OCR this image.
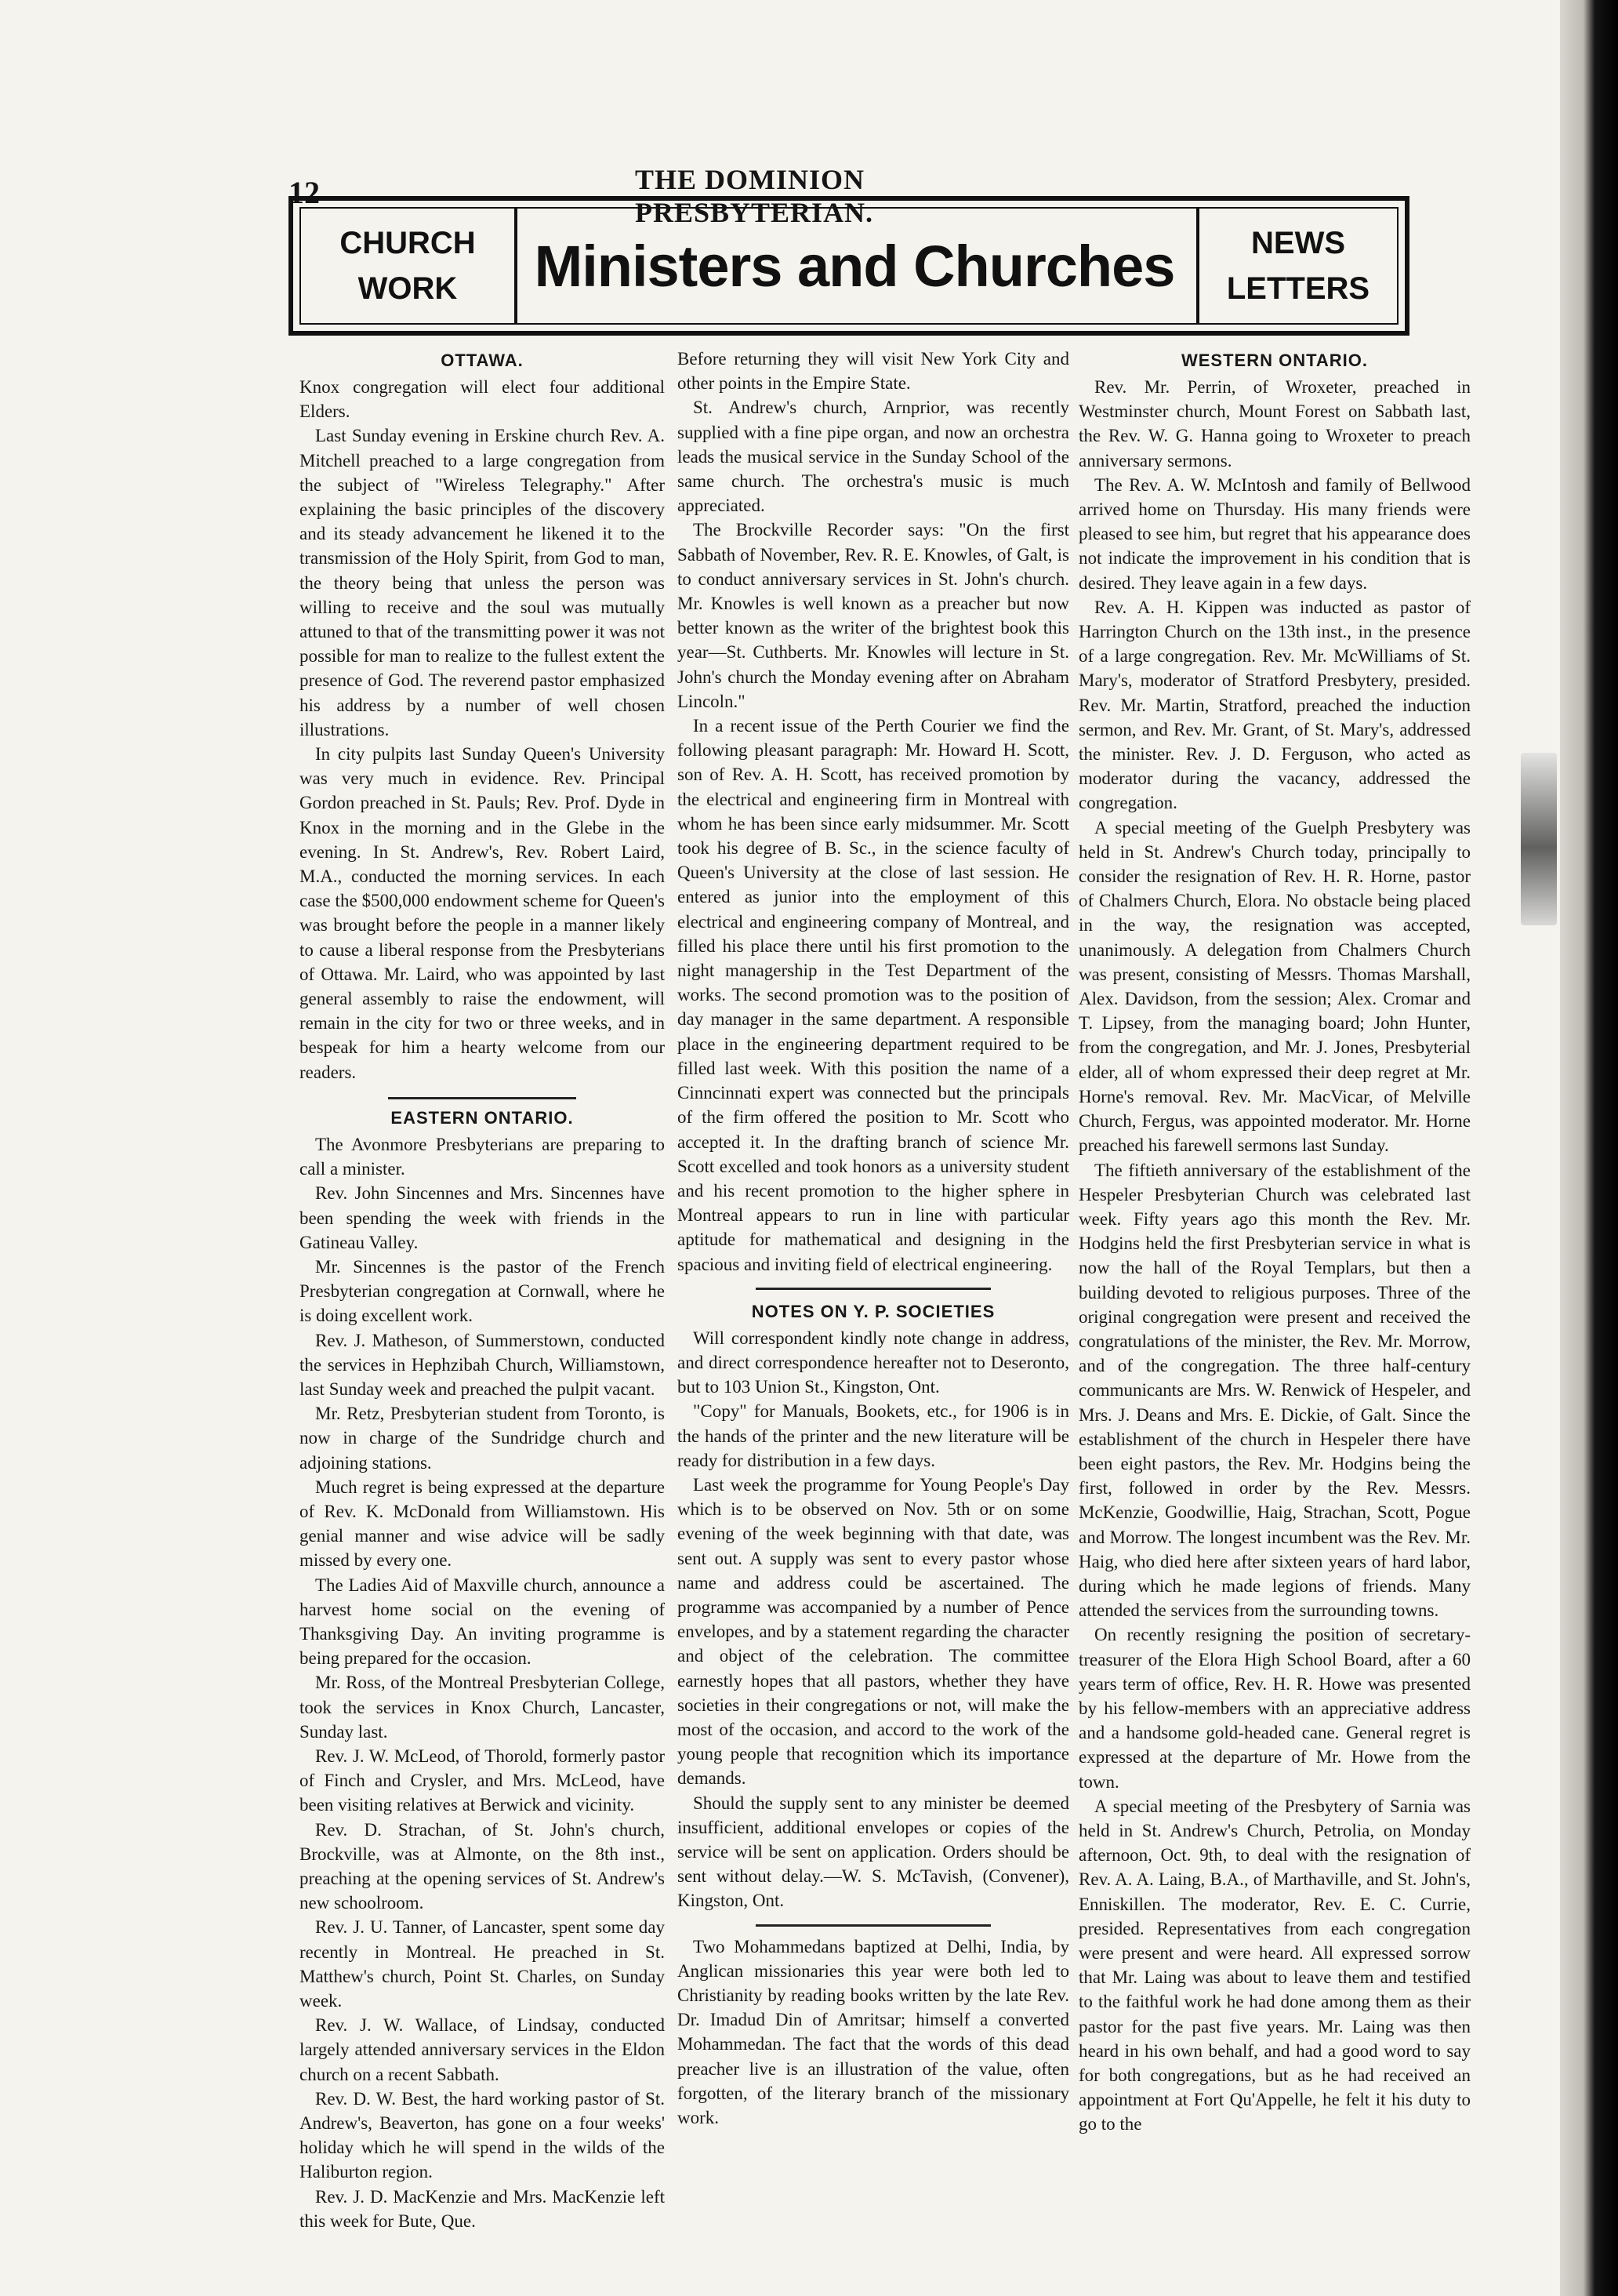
12	THE DOMINION PRESBYTERIAN.
CHURCH
WORK Ministers and Churches	NEWS
LETTERS
OTTAWA.

Knox congregation will elect four additional Elders.

Last Sunday evening in Erskine church Rev. A. Mitchell preached to a large congregation from the subject of "Wireless Telegraphy." After explaining the basic principles of the discovery and its steady advancement he likened it to the transmission of the Holy Spirit, from God to man, the theory being that unless the person was willing to receive and the soul was mutually attuned to that of the transmitting power it was not possible for man to realize to the fullest extent the presence of God. The reverend pastor emphasized his address by a number of well chosen illustrations.

In city pulpits last Sunday Queen's University was very much in evidence. Rev. Principal Gordon preached in St. Pauls; Rev. Prof. Dyde in Knox in the morning and in the Glebe in the evening. In St. Andrew's, Rev. Robert Laird, M.A., conducted the morning services. In each case the $500,000 endowment scheme for Queen's was brought before the people in a manner likely to cause a liberal response from the Presbyterians of Ottawa. Mr. Laird, who was appointed by last general assembly to raise the endowment, will remain in the city for two or three weeks, and in bespeak for him a hearty welcome from our readers.

EASTERN ONTARIO.

The Avonmore Presbyterians are preparing to call a minister.

Rev. John Sincennes and Mrs. Sincennes have been spending the week with friends in the Gatineau Valley.

Mr. Sincennes is the pastor of the French Presbyterian congregation at Cornwall, where he is doing excellent work.

Rev. J. Matheson, of Summerstown, conducted the services in Hephzibah Church, Williamstown, last Sunday week and preached the pulpit vacant.

Mr. Retz, Presbyterian student from Toronto, is now in charge of the Sundridge church and adjoining stations.

Much regret is being expressed at the departure of Rev. K. McDonald from Williamstown. His genial manner and wise advice will be sadly missed by every one.

The Ladies Aid of Maxville church, announce a harvest home social on the evening of Thanksgiving Day. An inviting programme is being prepared for the occasion.

Mr. Ross, of the Montreal Presbyterian College, took the services in Knox Church, Lancaster, Sunday last.

Rev. J. W. McLeod, of Thorold, formerly pastor of Finch and Crysler, and Mrs. McLeod, have been visiting relatives at Berwick and vicinity.

Rev. D. Strachan, of St. John's church, Brockville, was at Almonte, on the 8th inst., preaching at the opening services of St. Andrew's new schoolroom.

Rev. J. U. Tanner, of Lancaster, spent some day recently in Montreal. He preached in St. Matthew's church, Point St. Charles, on Sunday week.

Rev. J. W. Wallace, of Lindsay, conducted largely attended anniversary services in the Eldon church on a recent Sabbath.

Rev. D. W. Best, the hard working pastor of St. Andrew's, Beaverton, has gone on a four weeks' holiday which he will spend in the wilds of the Haliburton region.

Rev. J. D. MacKenzie and Mrs. MacKenzie left this week for Bute, Que.

Before returning they will visit New York City and other points in the Empire State.

St. Andrew's church, Arnprior, was recently supplied with a fine pipe organ, and now an orchestra leads the musical service in the Sunday School of the same church. The orchestra's music is much appreciated.

The Brockville Recorder says: "On the first Sabbath of November, Rev. R. E. Knowles, of Galt, is to conduct anniversary services in St. John's church. Mr. Knowles is well known as a preacher but now better known as the writer of the brightest book this year—St. Cuthberts. Mr. Knowles will lecture in St. John's church the Monday evening after on Abraham Lincoln."

In a recent issue of the Perth Courier we find the following pleasant paragraph: Mr. Howard H. Scott, son of Rev. A. H. Scott, has received promotion by the electrical and engineering firm in Montreal with whom he has been since early midsummer. Mr. Scott took his degree of B. Sc., in the science faculty of Queen's University at the close of last session. He entered as junior into the employment of this electrical and engineering company of Montreal, and filled his place there until his first promotion to the night managership in the Test Department of the works. The second promotion was to the position of day manager in the same department. A responsible place in the engineering department required to be filled last week. With this position the name of a Cinncinnati expert was connected but the principals of the firm offered the position to Mr. Scott who accepted it. In the drafting branch of science Mr. Scott excelled and took honors as a university student and his recent promotion to the higher sphere in Montreal appears to run in line with particular aptitude for mathematical and designing in the spacious and inviting field of electrical engineering.

NOTES ON Y. P. SOCIETIES

Will correspondent kindly note change in address, and direct correspondence hereafter not to Deseronto, but to 103 Union St., Kingston, Ont.

"Copy" for Manuals, Bookets, etc., for 1906 is in the hands of the printer and the new literature will be ready for distribution in a few days.

Last week the programme for Young People's Day which is to be observed on Nov. 5th or on some evening of the week beginning with that date, was sent out. A supply was sent to every pastor whose name and address could be ascertained. The programme was accompanied by a number of Pence envelopes, and by a statement regarding the character and object of the celebration. The committee earnestly hopes that all pastors, whether they have societies in their congregations or not, will make the most of the occasion, and accord to the work of the young people that recognition which its importance demands.

Should the supply sent to any minister be deemed insufficient, additional envelopes or copies of the service will be sent on application. Orders should be sent without delay.—W. S. McTavish, (Convener), Kingston, Ont.

Two Mohammedans baptized at Delhi, India, by Anglican missionaries this year were both led to Christianity by reading books written by the late Rev. Dr. Imadud Din of Amritsar; himself a converted Mohammedan. The fact that the words of this dead preacher live is an illustration of the value, often forgotten, of the literary branch of the missionary work.

WESTERN ONTARIO.

Rev. Mr. Perrin, of Wroxeter, preached in Westminster church, Mount Forest on Sabbath last, the Rev. W. G. Hanna going to Wroxeter to preach anniversary sermons.

The Rev. A. W. McIntosh and family of Bellwood arrived home on Thursday. His many friends were pleased to see him, but regret that his appearance does not indicate the improvement in his condition that is desired. They leave again in a few days.

Rev. A. H. Kippen was inducted as pastor of Harrington Church on the 13th inst., in the presence of a large congregation. Rev. Mr. McWilliams of St. Mary's, moderator of Stratford Presbytery, presided. Rev. Mr. Martin, Stratford, preached the induction sermon, and Rev. Mr. Grant, of St. Mary's, addressed the minister. Rev. J. D. Ferguson, who acted as moderator during the vacancy, addressed the congregation.

A special meeting of the Guelph Presbytery was held in St. Andrew's Church today, principally to consider the resignation of Rev. H. R. Horne, pastor of Chalmers Church, Elora. No obstacle being placed in the way, the resignation was accepted, unanimously. A delegation from Chalmers Church was present, consisting of Messrs. Thomas Marshall, Alex. Davidson, from the session; Alex. Cromar and T. Lipsey, from the managing board; John Hunter, from the congregation, and Mr. J. Jones, Presbyterial elder, all of whom expressed their deep regret at Mr. Horne's removal. Rev. Mr. MacVicar, of Melville Church, Fergus, was appointed moderator. Mr. Horne preached his farewell sermons last Sunday.

The fiftieth anniversary of the establishment of the Hespeler Presbyterian Church was celebrated last week. Fifty years ago this month the Rev. Mr. Hodgins held the first Presbyterian service in what is now the hall of the Royal Templars, but then a building devoted to religious purposes. Three of the original congregation were present and received the congratulations of the minister, the Rev. Mr. Morrow, and of the congregation. The three half-century communicants are Mrs. W. Renwick of Hespeler, and Mrs. J. Deans and Mrs. E. Dickie, of Galt. Since the establishment of the church in Hespeler there have been eight pastors, the Rev. Mr. Hodgins being the first, followed in order by the Rev. Messrs. McKenzie, Goodwillie, Haig, Strachan, Scott, Pogue and Morrow. The longest incumbent was the Rev. Mr. Haig, who died here after sixteen years of hard labor, during which he made legions of friends. Many attended the services from the surrounding towns.

On recently resigning the position of secretary-treasurer of the Elora High School Board, after a 60 years term of office, Rev. H. R. Howe was presented by his fellow-members with an appreciative address and a handsome gold-headed cane. General regret is expressed at the departure of Mr. Howe from the town.

A special meeting of the Presbytery of Sarnia was held in St. Andrew's Church, Petrolia, on Monday afternoon, Oct. 9th, to deal with the resignation of Rev. A. A. Laing, B.A., of Marthaville, and St. John's, Enniskillen. The moderator, Rev. E. C. Currie, presided. Representatives from each congregation were present and were heard. All expressed sorrow that Mr. Laing was about to leave them and testified to the faithful work he had done among them as their pastor for the past five years. Mr. Laing was then heard in his own behalf, and had a good word to say for both congregations, but as he had received an appointment at Fort Qu'Appelle, he felt it his duty to go to the
